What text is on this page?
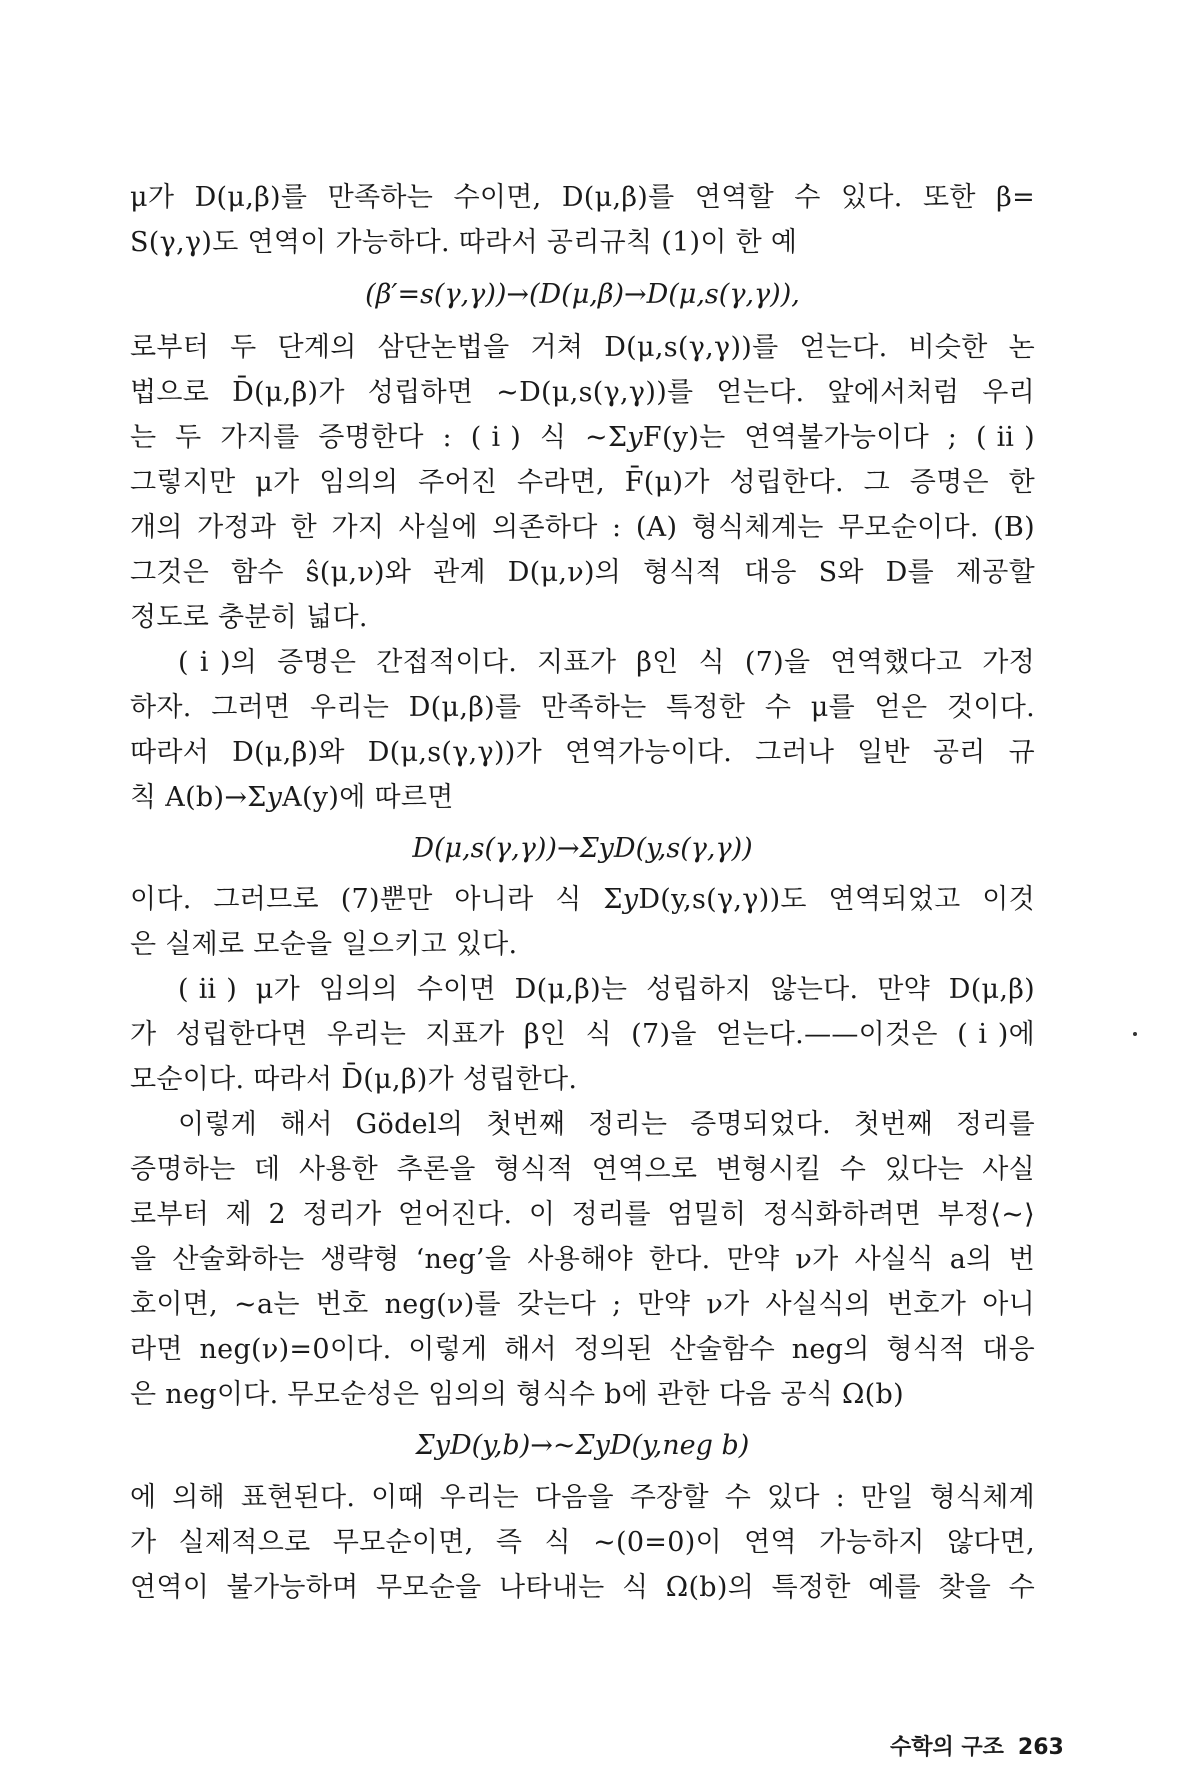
μ가 D(μ,β)를 만족하는 수이면, D(μ,β)를 연역할 수 있다. 또한 β=
S(γ,γ)도 연역이 가능하다. 따라서 공리규칙 (1)이 한 예
(β′=s(γ,γ))→(D(μ,β)→D(μ,s(γ,γ)),
로부터 두 단계의 삼단논법을 거쳐 D(μ,s(γ,γ))를 얻는다. 비슷한 논
법으로 D̄(μ,β)가 성립하면 ~D(μ,s(γ,γ))를 얻는다. 앞에서처럼 우리
는 두 가지를 증명한다 : (ⅰ) 식 ~Σ𝑦F(y)는 연역불가능이다 ; (ⅱ)
그렇지만 μ가 임의의 주어진 수라면, F̄(μ)가 성립한다. 그 증명은 한
개의 가정과 한 가지 사실에 의존하다 : (A) 형식체계는 무모순이다. (B)
그것은 함수 ŝ(μ,ν)와 관계 D(μ,ν)의 형식적 대응 S와 D를 제공할
정도로 충분히 넓다.
(ⅰ)의 증명은 간접적이다. 지표가 β인 식 (7)을 연역했다고 가정
하자. 그러면 우리는 D(μ,β)를 만족하는 특정한 수 μ를 얻은 것이다.
따라서 D(μ,β)와 D(μ,s(γ,γ))가 연역가능이다. 그러나 일반 공리 규
칙 A(b)→Σ𝑦A(y)에 따르면
D(μ,s(γ,γ))→Σ𝑦D(y,s(γ,γ))
이다. 그러므로 (7)뿐만 아니라 식 Σ𝑦D(y,s(γ,γ))도 연역되었고 이것
은 실제로 모순을 일으키고 있다.
(ⅱ) μ가 임의의 수이면 D(μ,β)는 성립하지 않는다. 만약 D(μ,β)
가 성립한다면 우리는 지표가 β인 식 (7)을 얻는다.——이것은 (ⅰ)에
모순이다. 따라서 D̄(μ,β)가 성립한다.
이렇게 해서 Gödel의 첫번째 정리는 증명되었다. 첫번째 정리를
증명하는 데 사용한 추론을 형식적 연역으로 변형시킬 수 있다는 사실
로부터 제 2 정리가 얻어진다. 이 정리를 엄밀히 정식화하려면 부정⟨~⟩
을 산술화하는 생략형 ‘neg’을 사용해야 한다. 만약 ν가 사실식 a의 번
호이면, ~a는 번호 neg(ν)를 갖는다 ; 만약 ν가 사실식의 번호가 아니
라면 neg(ν)=0이다. 이렇게 해서 정의된 산술함수 neg의 형식적 대응
은 neg이다. 무모순성은 임의의 형식수 b에 관한 다음 공식 Ω(b)
Σ𝑦D(y,b)→~Σ𝑦D(y,neg b)
에 의해 표현된다. 이때 우리는 다음을 주장할 수 있다 : 만일 형식체계
가 실제적으로 무모순이면, 즉 식 ~(0=0)이 연역 가능하지 않다면,
연역이 불가능하며 무모순을 나타내는 식 Ω(b)의 특정한 예를 찾을 수
수학의 구조 263
